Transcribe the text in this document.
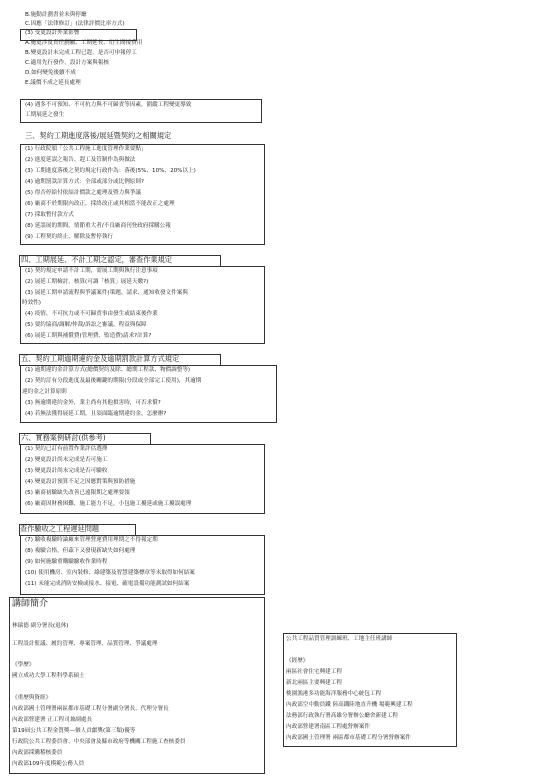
B.施動計劃書並未與停廳
C.因應「法律修訂」(法律評價比率方式)
(3) 受更設計外業影響
A.施更涉及責任劃屬、工期延長、衍生間接費用
B.變更設計未完成工程已趕，是否可申報停工
C.適用先行發作，設計方案與報核
D.如何變免後續不成
E.議價不成之延長處理
(4) 遇多不可預知、不可抗力與不可歸責等因素，錯縱工程變更導致
工期展延之發生
三、契約工期進度落後/展延暨契約之相關規定
(1) 行政院頒「公共工程施工進度管理作業要點」
(2) 進度延誤之報告、趕工及管制作為與做法
(3) 工期進度落後之契約規定行政作為：落後(5%、10%、20%以上)
(4) 逾期罰款計算方式：全部或部分或比例原則?
(5) 得否停給付依結計價款之處理及暨力與爭議
(6) 廠商不於期限內改正，採終改正或其相當不能改正之處理
(7) 採取暫付款方式
(8) 延誤展的期間，情節重大者/不良廠商刊登政府採購公報
(9) 工程契約終止、解除及暫停執行
四、工期展延、不計工期之認定，審查作業規定
(1) 契約規定申請不計工期，需展工期與執行注意事項
(2) 展延工期檢討，核算(可調「核算」展延天數?)
(3) 展延工期申請流程與爭議案件(策題、請求、通知收發文件案與
時效性)
(4) 疫情、不可抗力或不可歸責事由發生或結束後作業
(5) 要約協商/調解/仲裁/訴訟之審議，程益與保障
(6) 展延工期與補償費(管理費、監造費)請求?計算?
五、契約工期逾期違約金及逾期罰款計算方式規定
(1) 逾期違約金計算方式(總價契約及除、總期工程款、物價調整等)
(2) 契約訂有分段進度及最後關鍵的期限(分段或全部完工使用)，其逾期
違約金之計算原則
(3) 無逾期違約金外，業主尚有其他損害時，可否求償?
(4) 若無法獲得展延工期，且須面臨逾期違約金，怎麼辦?
六、實務案例研討(供參考)
(1) 契約已訂有前置作業評估選擇
(2) 變更設計尚未完成是否可施工
(3) 變更設計尚未完成是否可驗收
(4) 變更設計預算不足之因應對策與預防措施
(5) 廠商初驗缺失改善已遠限期之處理要領
(6) 廠商因財務困難，施工能力不足，小包施工擾延或施工擾誤處理
查作驗收之工程遲延問題
(7) 驗收複驗時論廠來管理營運費用理期之不得報定期
(8) 複驗合格，但茲下又發現新缺失如何處理
(9) 如何施驗重購驗驗收作業時程
(10) 使用機房、室內裝修、綠建築及智慧建築標章等未取得如何結案
(11) 未能完成消防安檢或接水、接電、確電設備功能測試如何結案
講師簡介
林瑞德 副分署長(退休)
工程設計監議、履約管理、專案管理、品質管理、爭議處理
《學歷》
國立成功大學工程科學系碩士
《重歷與資經》
內政部國土管理署兩區都市基礎工程分署副分署長、代理分署長
內政部營建署 正工程司兼副處長
第19屆公共工程金質獎—個人貢獻獎(第三類)優等
行政院公共工程委員會、中央部會及縣市政府等機關工程施工查核委員
內政部採購稽核委員
內政部109年度模範公務人員
公共工程品質管理訓練班、工地主任班講師
《經歷》
兩區社會住宅興建工程
新北兩區主要興建工程
桃園漁港多功能海洋服務中心統包工程
內政部空中動員鐵 陸高鐵陸地直升機 場範興建工程
法務部行政執行署高雄分署辦公廳舍新建工程
內政部營建署南區工程處營辦案件
內政部國土管理署 兩區都市基礎工程分署營辦案件
